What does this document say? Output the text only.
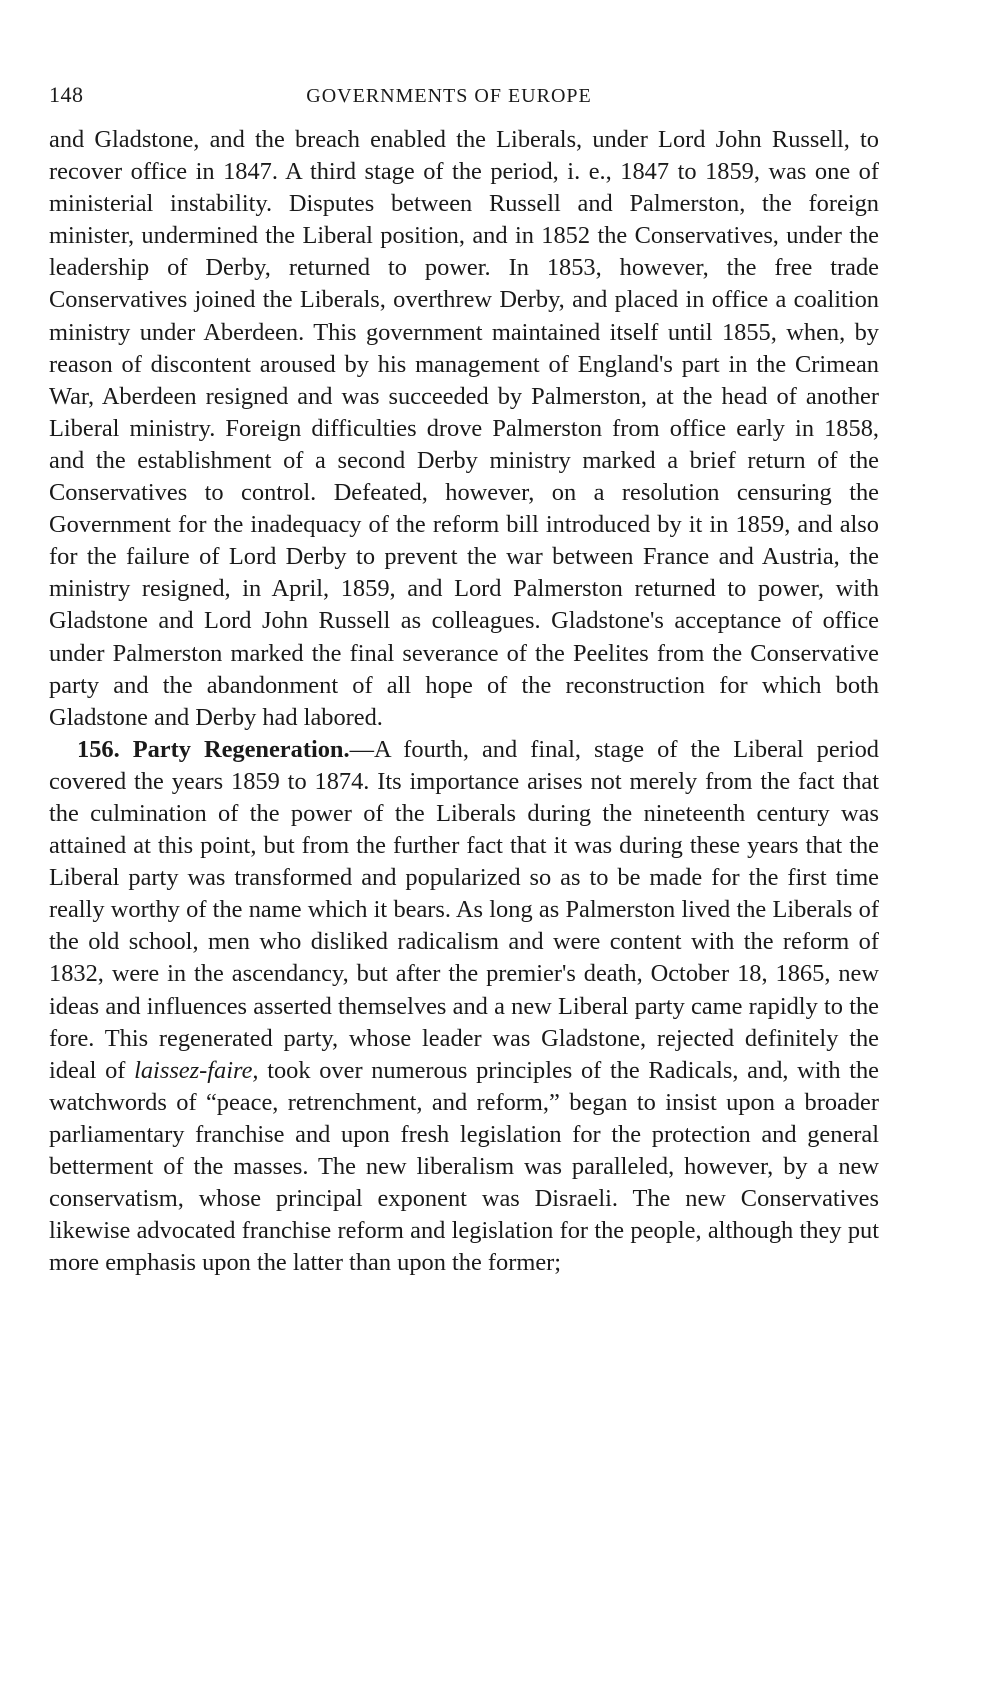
148	GOVERNMENTS OF EUROPE

and Gladstone, and the breach enabled the Liberals, under Lord John Russell, to recover office in 1847. A third stage of the period, i. e., 1847 to 1859, was one of ministerial instability. Disputes between Russell and Palmerston, the foreign minister, undermined the Liberal position, and in 1852 the Conservatives, under the leadership of Derby, returned to power. In 1853, however, the free trade Conservatives joined the Liberals, overthrew Derby, and placed in office a coalition ministry under Aberdeen. This government maintained itself until 1855, when, by reason of discontent aroused by his management of England's part in the Crimean War, Aberdeen resigned and was succeeded by Palmerston, at the head of another Liberal ministry. Foreign difficulties drove Palmerston from office early in 1858, and the establishment of a second Derby ministry marked a brief return of the Conservatives to control. Defeated, however, on a resolution censuring the Government for the inadequacy of the reform bill introduced by it in 1859, and also for the failure of Lord Derby to prevent the war between France and Austria, the ministry resigned, in April, 1859, and Lord Palmerston returned to power, with Gladstone and Lord John Russell as colleagues. Gladstone's acceptance of office under Palmerston marked the final severance of the Peelites from the Conservative party and the abandonment of all hope of the reconstruction for which both Gladstone and Derby had labored.

156. Party Regeneration.—A fourth, and final, stage of the Liberal period covered the years 1859 to 1874. Its importance arises not merely from the fact that the culmination of the power of the Liberals during the nineteenth century was attained at this point, but from the further fact that it was during these years that the Liberal party was transformed and popularized so as to be made for the first time really worthy of the name which it bears. As long as Palmerston lived the Liberals of the old school, men who disliked radicalism and were content with the reform of 1832, were in the ascendancy, but after the premier's death, October 18, 1865, new ideas and influences asserted themselves and a new Liberal party came rapidly to the fore. This regenerated party, whose leader was Gladstone, rejected definitely the ideal of laissez-faire, took over numerous principles of the Radicals, and, with the watchwords of “peace, retrenchment, and reform,” began to insist upon a broader parliamentary franchise and upon fresh legislation for the protection and general betterment of the masses. The new liberalism was paralleled, however, by a new conservatism, whose principal exponent was Disraeli. The new Conservatives likewise advocated franchise reform and legislation for the people, although they put more emphasis upon the latter than upon the former;
